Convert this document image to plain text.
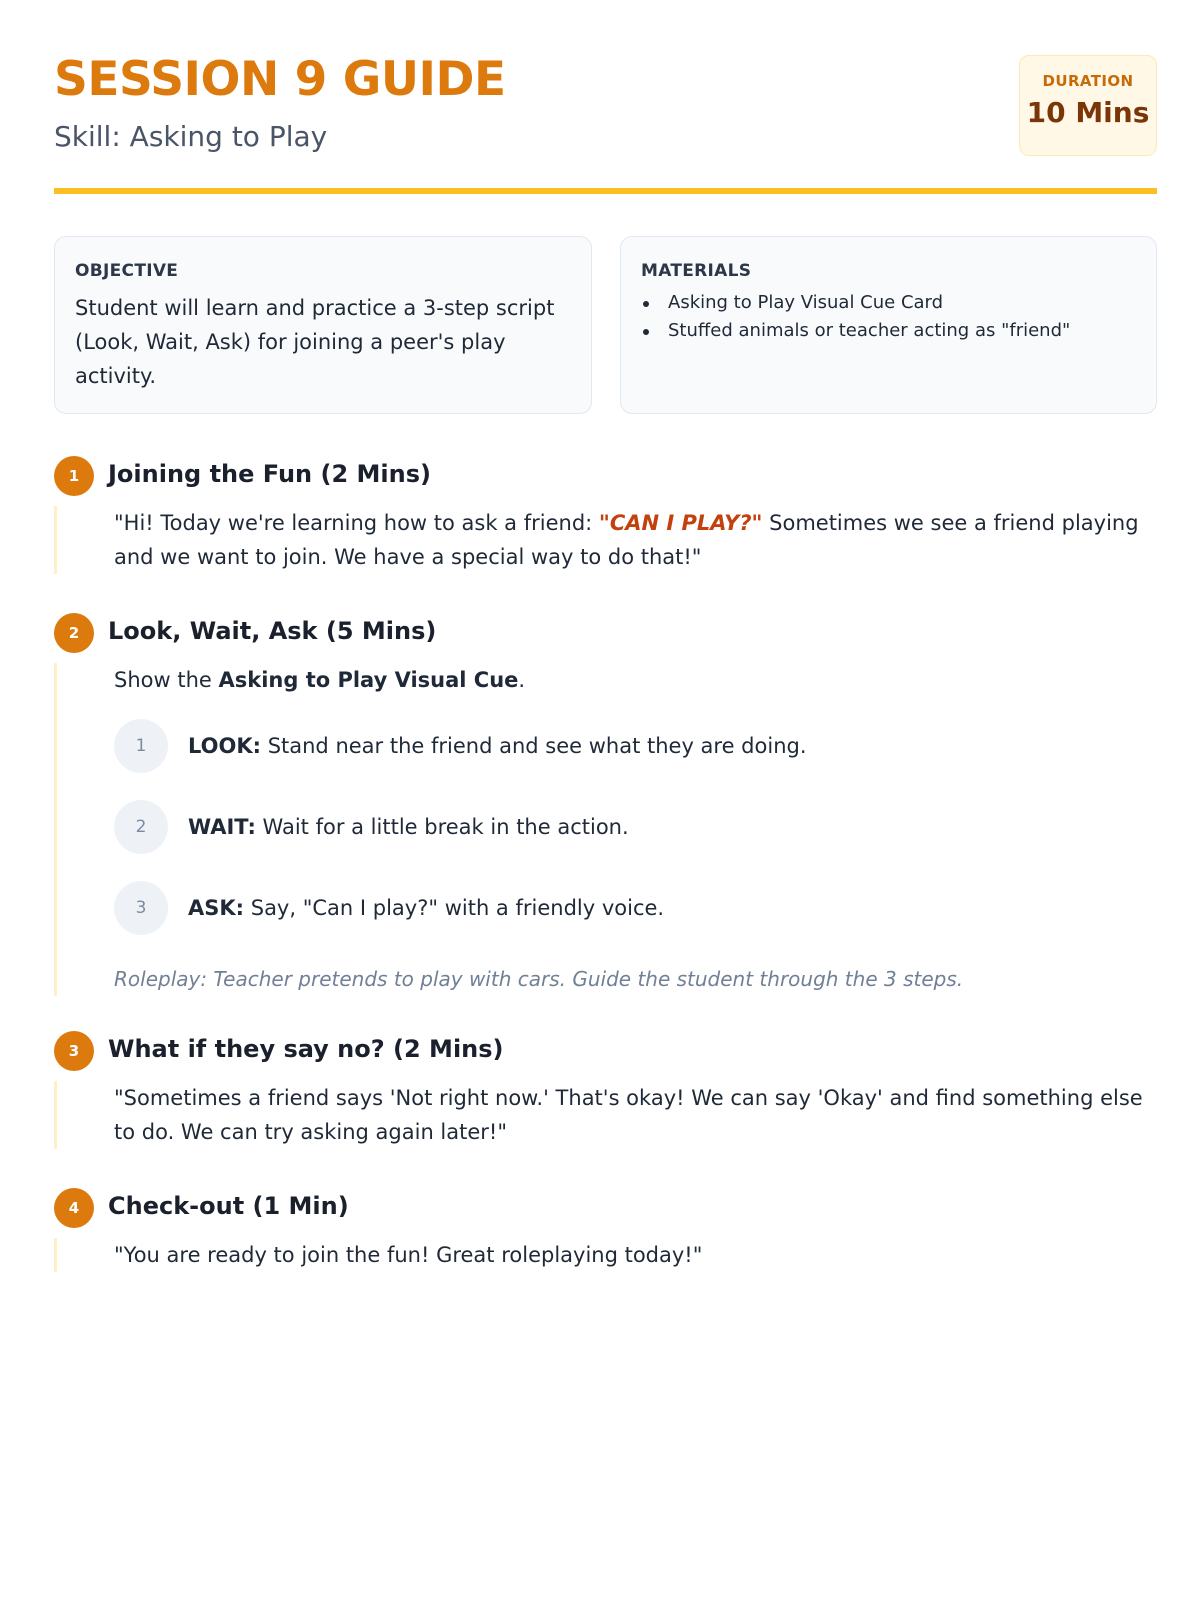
SESSION 9 GUIDE
Skill: Asking to Play
DURATION
10 Mins
OBJECTIVE
Student will learn and practice a 3-step script (Look, Wait, Ask) for joining a peer's play activity.
MATERIALS
Asking to Play Visual Cue Card
Stuffed animals or teacher acting as "friend"
1	Joining the Fun (2 Mins)
"Hi! Today we're learning how to ask a friend: "CAN I PLAY?" Sometimes we see a friend playing and we want to join. We have a special way to do that!"
2	Look, Wait, Ask (5 Mins)
Show the Asking to Play Visual Cue.
1	LOOK: Stand near the friend and see what they are doing.
2	WAIT: Wait for a little break in the action.
3	ASK: Say, "Can I play?" with a friendly voice.
Roleplay: Teacher pretends to play with cars. Guide the student through the 3 steps.
3	What if they say no? (2 Mins)
"Sometimes a friend says 'Not right now.' That's okay! We can say 'Okay' and find something else to do. We can try asking again later!"
4	Check-out (1 Min)
"You are ready to join the fun! Great roleplaying today!"
